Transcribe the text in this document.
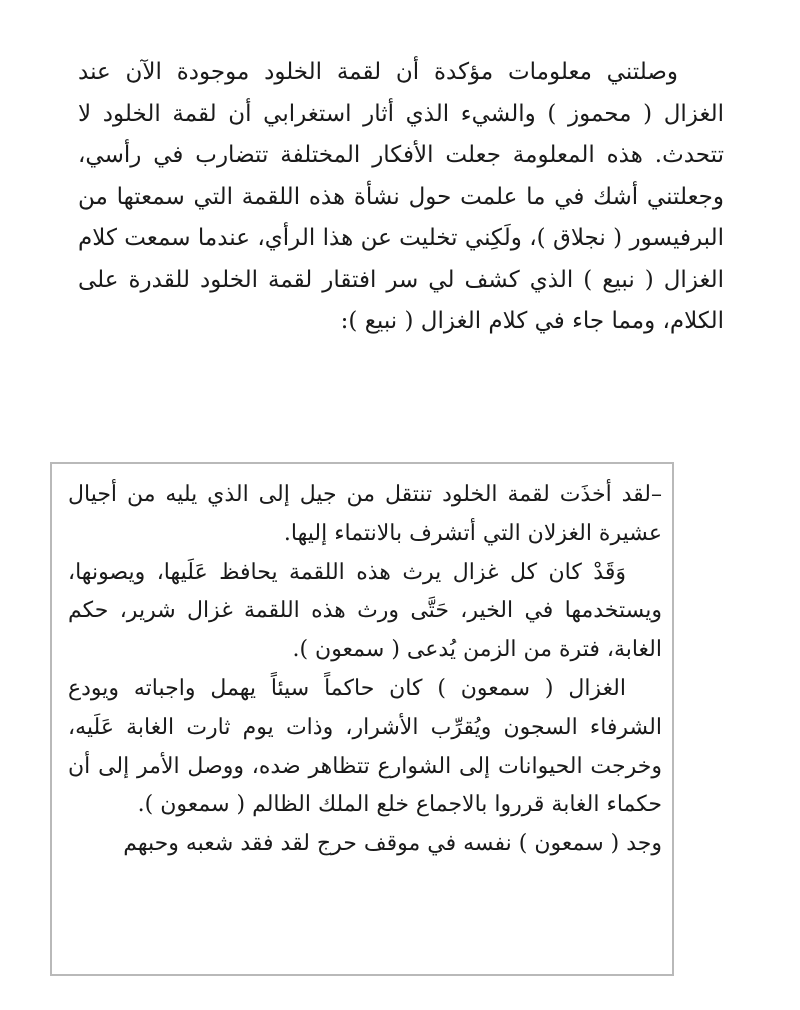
وصلتني معلومات مؤكدة أن لقمة الخلود موجودة الآن عند الغزال ( محموز ) والشيء الذي أثار استغرابي أن لقمة الخلود لا تتحدث. هذه المعلومة جعلت الأفكار المختلفة تتضارب في رأسي، وجعلتني أشك في ما علمت حول نشأة هذه اللقمة التي سمعتها من البرفيسور ( نجلاق )، ولَكِني تخليت عن هذا الرأي، عندما سمعت كلام الغزال ( نبيع ) الذي كشف لي سر افتقار لقمة الخلود للقدرة على الكلام، ومما جاء في كلام الغزال ( نبيع ):

–لقد أخذَت لقمة الخلود تنتقل من جيل إلى الذي يليه من أجيال عشيرة الغزلان التي أتشرف بالانتماء إليها.

وَقَدْ كان كل غزال يرث هذه اللقمة يحافظ عَلَيها، ويصونها، ويستخدمها في الخير، حَتَّى ورث هذه اللقمة غزال شرير، حكم الغابة، فترة من الزمن يُدعى ( سمعون ).

الغزال ( سمعون ) كان حاكماً سيئاً يهمل واجباته ويودع الشرفاء السجون ويُقرِّب الأشرار، وذات يوم ثارت الغابة عَلَيه، وخرجت الحيوانات إلى الشوارع تتظاهر ضده، ووصل الأمر إلى أن حكماء الغابة قرروا بالاجماع خلع الملك الظالم ( سمعون ).

وجد ( سمعون ) نفسه في موقف حرج لقد فقد شعبه وحبهم
